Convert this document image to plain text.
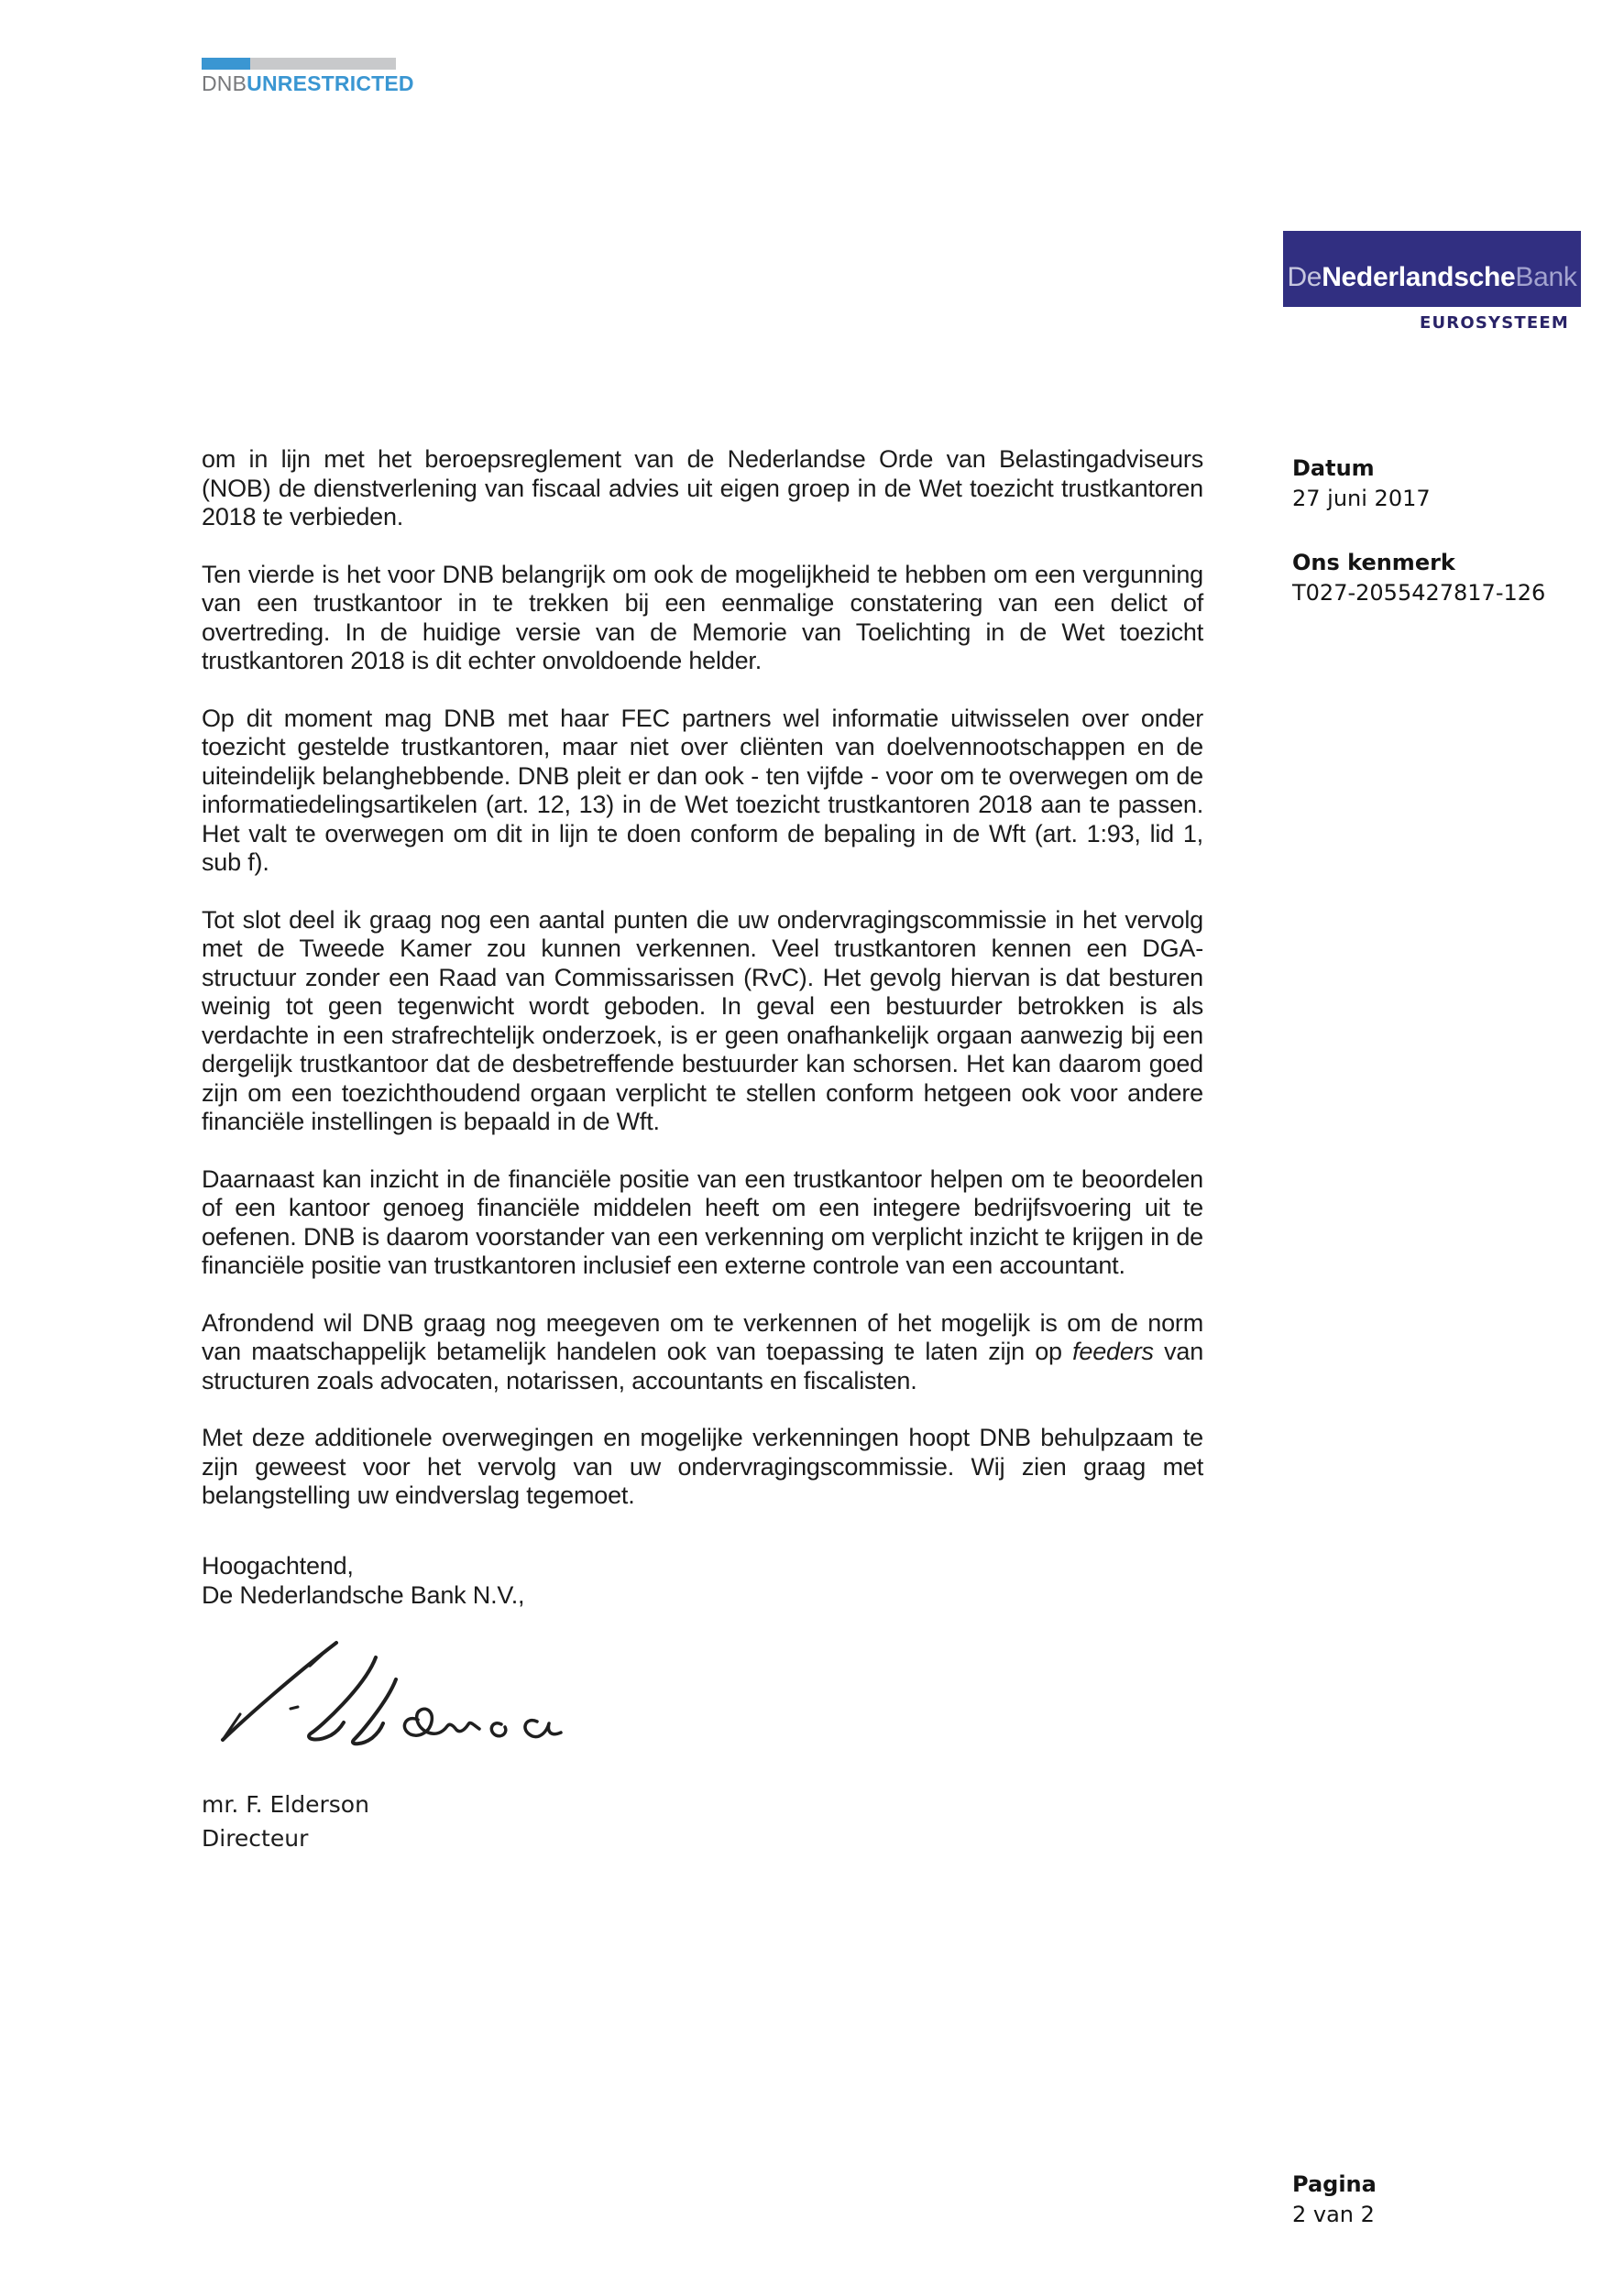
DNBUNRESTRICTED
De Nederlandsche Bank
EUROSYSTEEM
Datum
27 juni 2017
Ons kenmerk
T027-2055427817-126

om in lijn met het beroepsreglement van de Nederlandse Orde van Belastingadviseurs (NOB) de dienstverlening van fiscaal advies uit eigen groep in de Wet toezicht trustkantoren 2018 te verbieden.

Ten vierde is het voor DNB belangrijk om ook de mogelijkheid te hebben om een vergunning van een trustkantoor in te trekken bij een eenmalige constatering van een delict of overtreding. In de huidige versie van de Memorie van Toelichting in de Wet toezicht trustkantoren 2018 is dit echter onvoldoende helder.

Op dit moment mag DNB met haar FEC partners wel informatie uitwisselen over onder toezicht gestelde trustkantoren, maar niet over cliënten van doelvennootschappen en de uiteindelijk belanghebbende. DNB pleit er dan ook - ten vijfde - voor om te overwegen om de informatiedelingsartikelen (art. 12, 13) in de Wet toezicht trustkantoren 2018 aan te passen. Het valt te overwegen om dit in lijn te doen conform de bepaling in de Wft (art. 1:93, lid 1, sub f).

Tot slot deel ik graag nog een aantal punten die uw ondervragingscommissie in het vervolg met de Tweede Kamer zou kunnen verkennen. Veel trustkantoren kennen een DGA-structuur zonder een Raad van Commissarissen (RvC). Het gevolg hiervan is dat besturen weinig tot geen tegenwicht wordt geboden. In geval een bestuurder betrokken is als verdachte in een strafrechtelijk onderzoek, is er geen onafhankelijk orgaan aanwezig bij een dergelijk trustkantoor dat de desbetreffende bestuurder kan schorsen. Het kan daarom goed zijn om een toezichthoudend orgaan verplicht te stellen conform hetgeen ook voor andere financiële instellingen is bepaald in de Wft.

Daarnaast kan inzicht in de financiële positie van een trustkantoor helpen om te beoordelen of een kantoor genoeg financiële middelen heeft om een integere bedrijfsvoering uit te oefenen. DNB is daarom voorstander van een verkenning om verplicht inzicht te krijgen in de financiële positie van trustkantoren inclusief een externe controle van een accountant.

Afrondend wil DNB graag nog meegeven om te verkennen of het mogelijk is om de norm van maatschappelijk betamelijk handelen ook van toepassing te laten zijn op feeders van structuren zoals advocaten, notarissen, accountants en fiscalisten.

Met deze additionele overwegingen en mogelijke verkenningen hoopt DNB behulpzaam te zijn geweest voor het vervolg van uw ondervragingscommissie. Wij zien graag met belangstelling uw eindverslag tegemoet.

Hoogachtend,
De Nederlandsche Bank N.V.,
mr. F. Elderson
Directeur
Pagina
2 van 2
